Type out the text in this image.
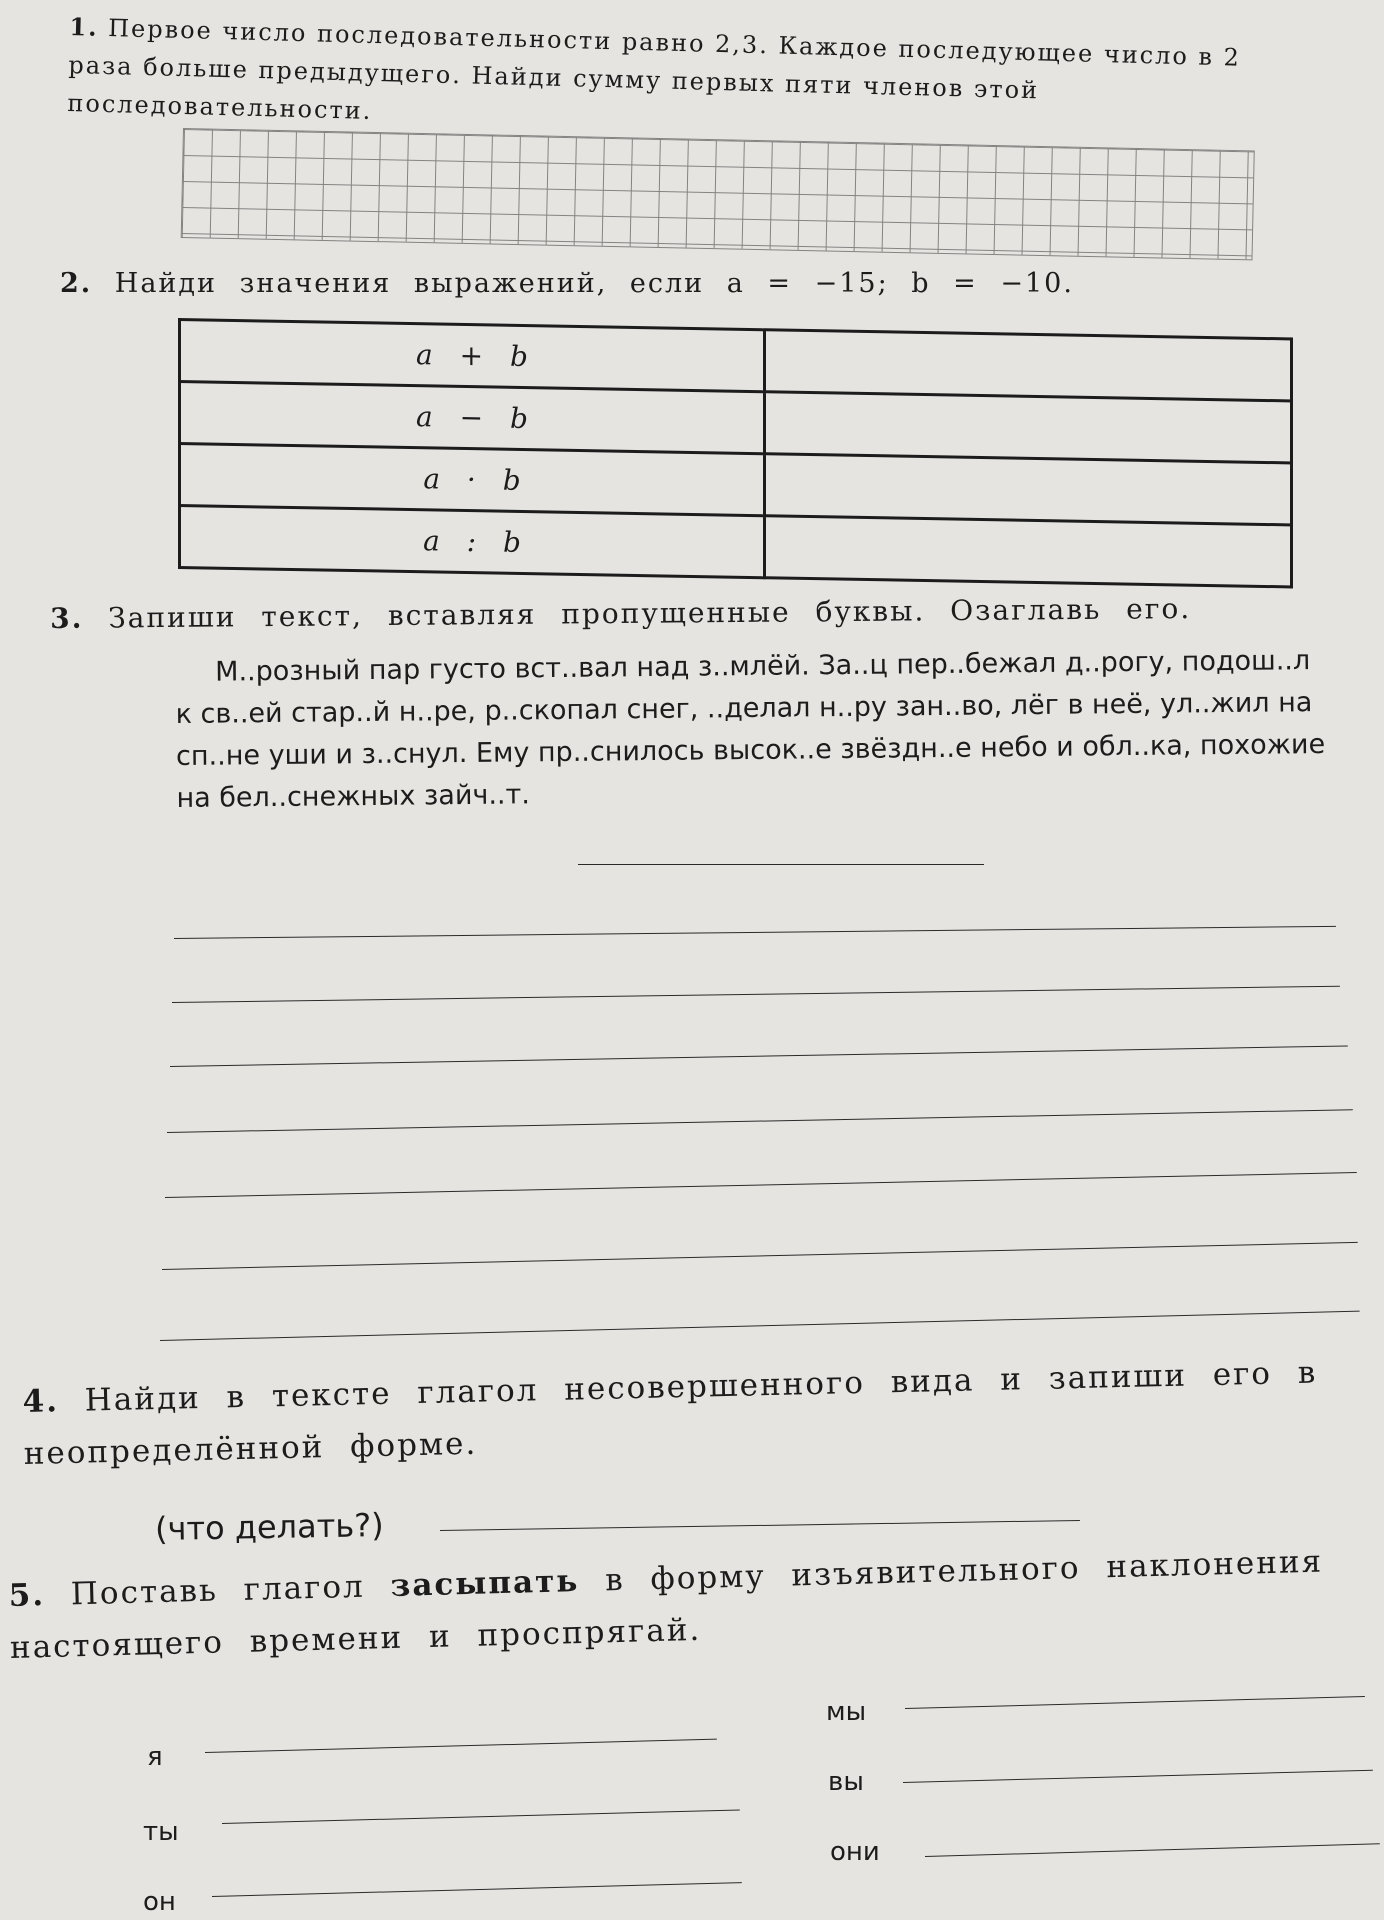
1. Первое число последовательности равно 2,3. Каждое последующее число в 2 раза больше предыдущего. Найди сумму первых пяти членов этой последовательности.
2. Найди значения выражений, если a = −15; b = −10.
a + b	
a − b	
a · b	
a : b	
3. Запиши текст, вставляя пропущенные буквы. Озаглавь его.
М..розный пар густо вст..вал над з..млёй. За..ц пер..бежал д..рогу, подош..л к св..ей стар..й н..ре, р..скопал снег, ..делал н..ру зан..во, лёг в неё, ул..жил на сп..не уши и з..снул. Ему пр..снилось высок..е звёздн..е небо и обл..ка, похожие на бел..снежных зайч..т.
4. Найди в тексте глагол несовершенного вида и запиши его в неопределённой форме.
(что делать?)
5. Поставь глагол засыпать в форму изъявительного наклонения настоящего времени и проспрягай.
я
ты
он
мы
вы
они
